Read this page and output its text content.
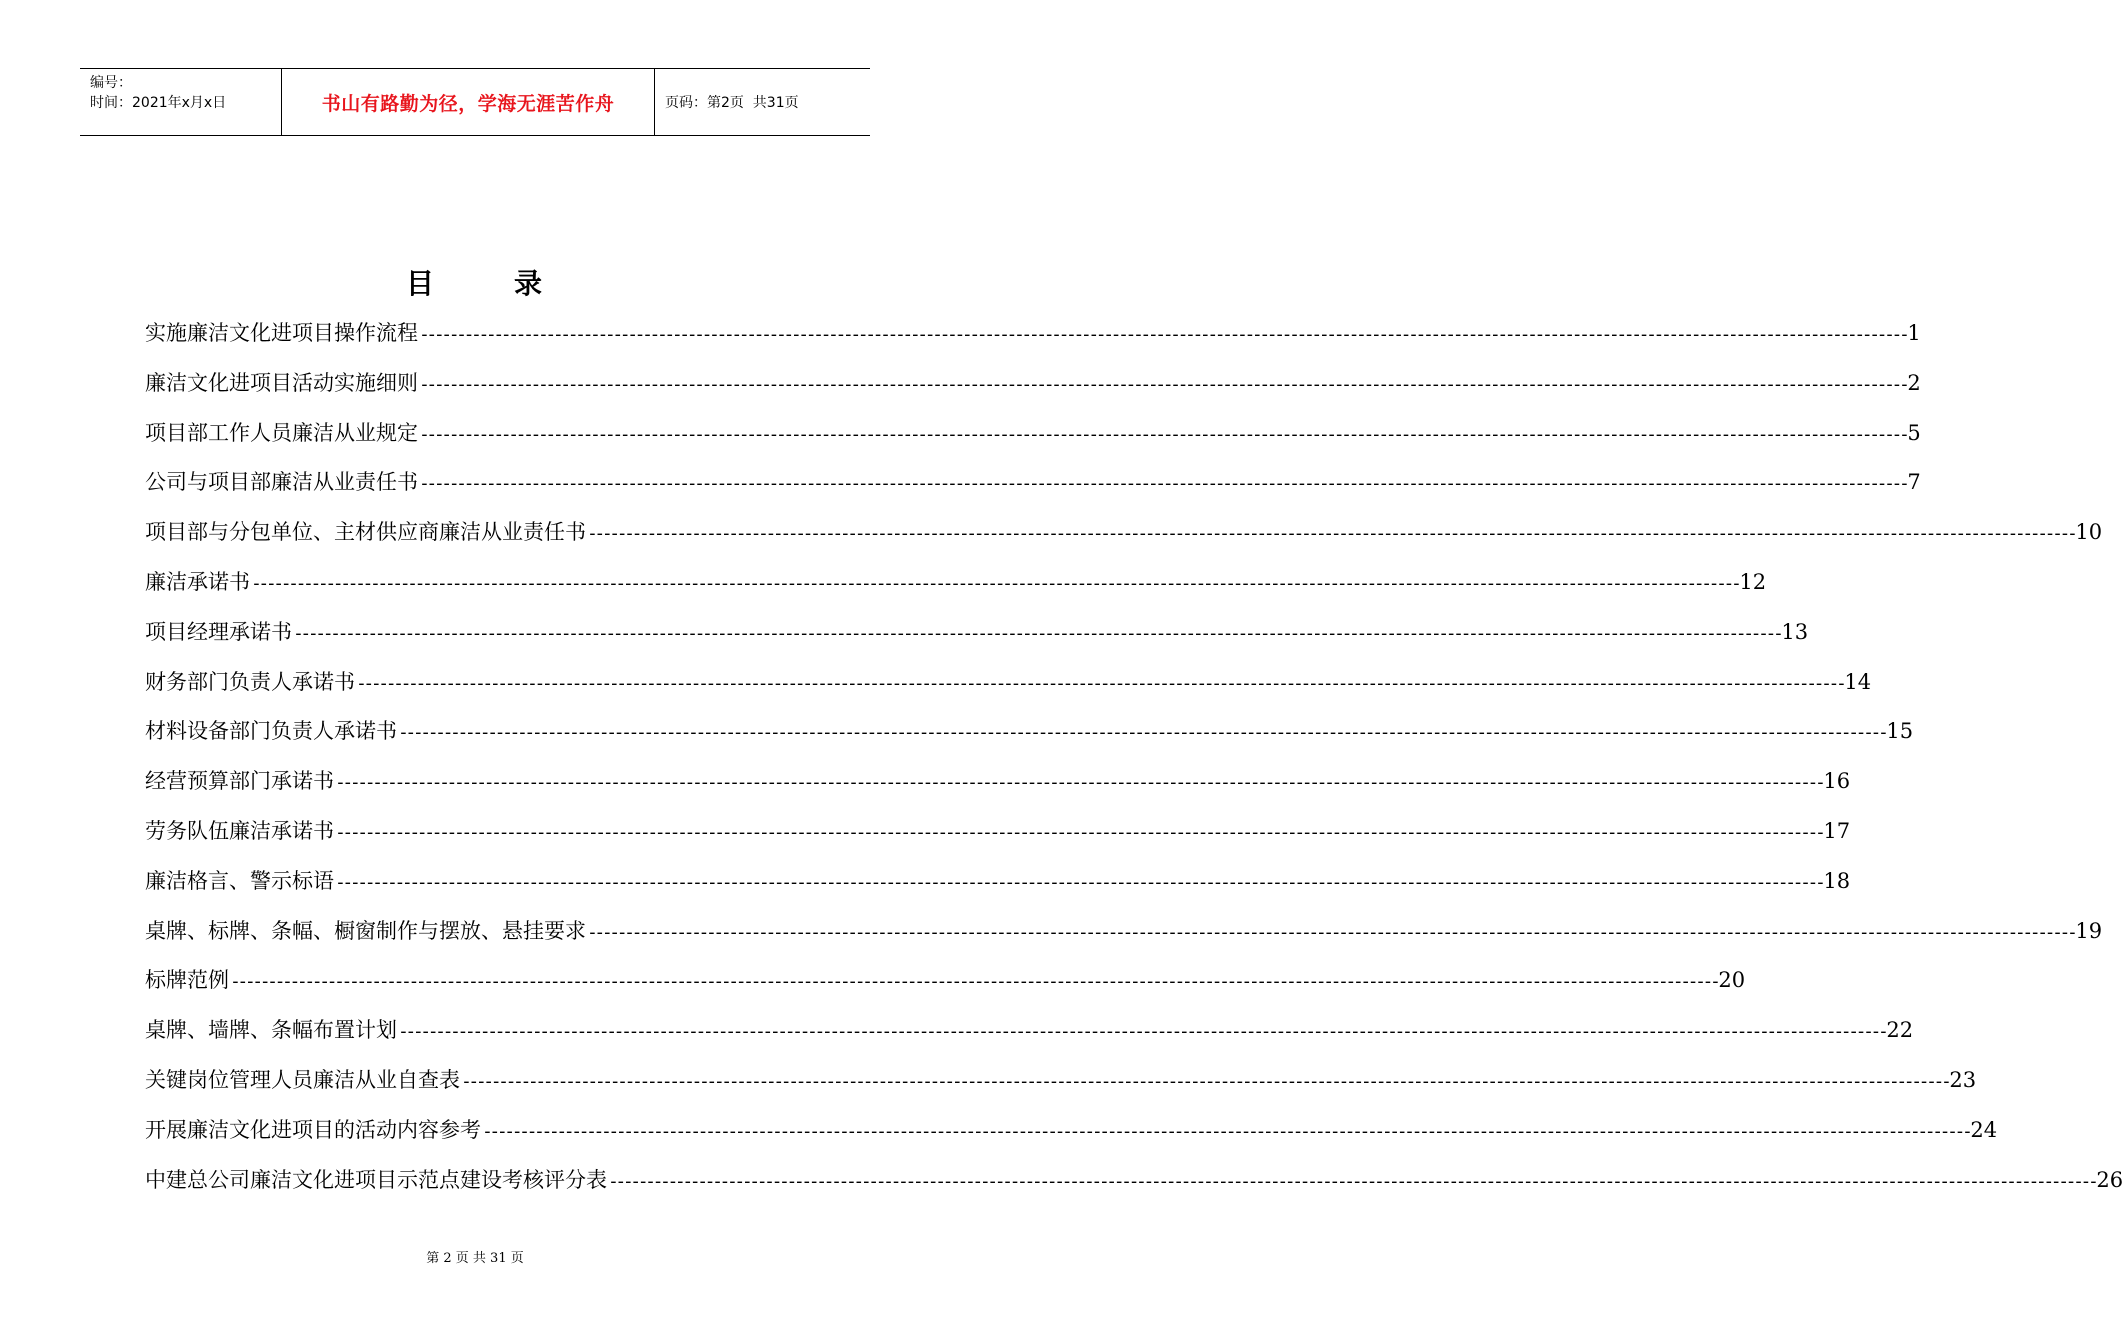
编号：
时间：2021年x月x日	书山有路勤为径，学海无涯苦作舟	页码：第2页  共31页
目	录
实施廉洁文化进项目操作流程 -------------------------------------------------------------------------------------------------------------------------------------------------------------------------------------------------------- 1
廉洁文化进项目活动实施细则 -------------------------------------------------------------------------------------------------------------------------------------------------------------------------------------------------------- 2
项目部工作人员廉洁从业规定 -------------------------------------------------------------------------------------------------------------------------------------------------------------------------------------------------------- 5
公司与项目部廉洁从业责任书 -------------------------------------------------------------------------------------------------------------------------------------------------------------------------------------------------------- 7
项目部与分包单位、主材供应商廉洁从业责任书 -------------------------------------------------------------------------------------------------------------------------------------------------------------------------------------------------------- 10
廉洁承诺书 -------------------------------------------------------------------------------------------------------------------------------------------------------------------------------------------------------- 12
项目经理承诺书 -------------------------------------------------------------------------------------------------------------------------------------------------------------------------------------------------------- 13
财务部门负责人承诺书 -------------------------------------------------------------------------------------------------------------------------------------------------------------------------------------------------------- 14
材料设备部门负责人承诺书 -------------------------------------------------------------------------------------------------------------------------------------------------------------------------------------------------------- 15
经营预算部门承诺书 -------------------------------------------------------------------------------------------------------------------------------------------------------------------------------------------------------- 16
劳务队伍廉洁承诺书 -------------------------------------------------------------------------------------------------------------------------------------------------------------------------------------------------------- 17
廉洁格言、警示标语 -------------------------------------------------------------------------------------------------------------------------------------------------------------------------------------------------------- 18
桌牌、标牌、条幅、橱窗制作与摆放、悬挂要求 -------------------------------------------------------------------------------------------------------------------------------------------------------------------------------------------------------- 19
标牌范例 -------------------------------------------------------------------------------------------------------------------------------------------------------------------------------------------------------- 20
桌牌、墙牌、条幅布置计划 -------------------------------------------------------------------------------------------------------------------------------------------------------------------------------------------------------- 22
关键岗位管理人员廉洁从业自查表 -------------------------------------------------------------------------------------------------------------------------------------------------------------------------------------------------------- 23
开展廉洁文化进项目的活动内容参考 -------------------------------------------------------------------------------------------------------------------------------------------------------------------------------------------------------- 24
中建总公司廉洁文化进项目示范点建设考核评分表 -------------------------------------------------------------------------------------------------------------------------------------------------------------------------------------------------------- 26
第 2 页 共 31 页
